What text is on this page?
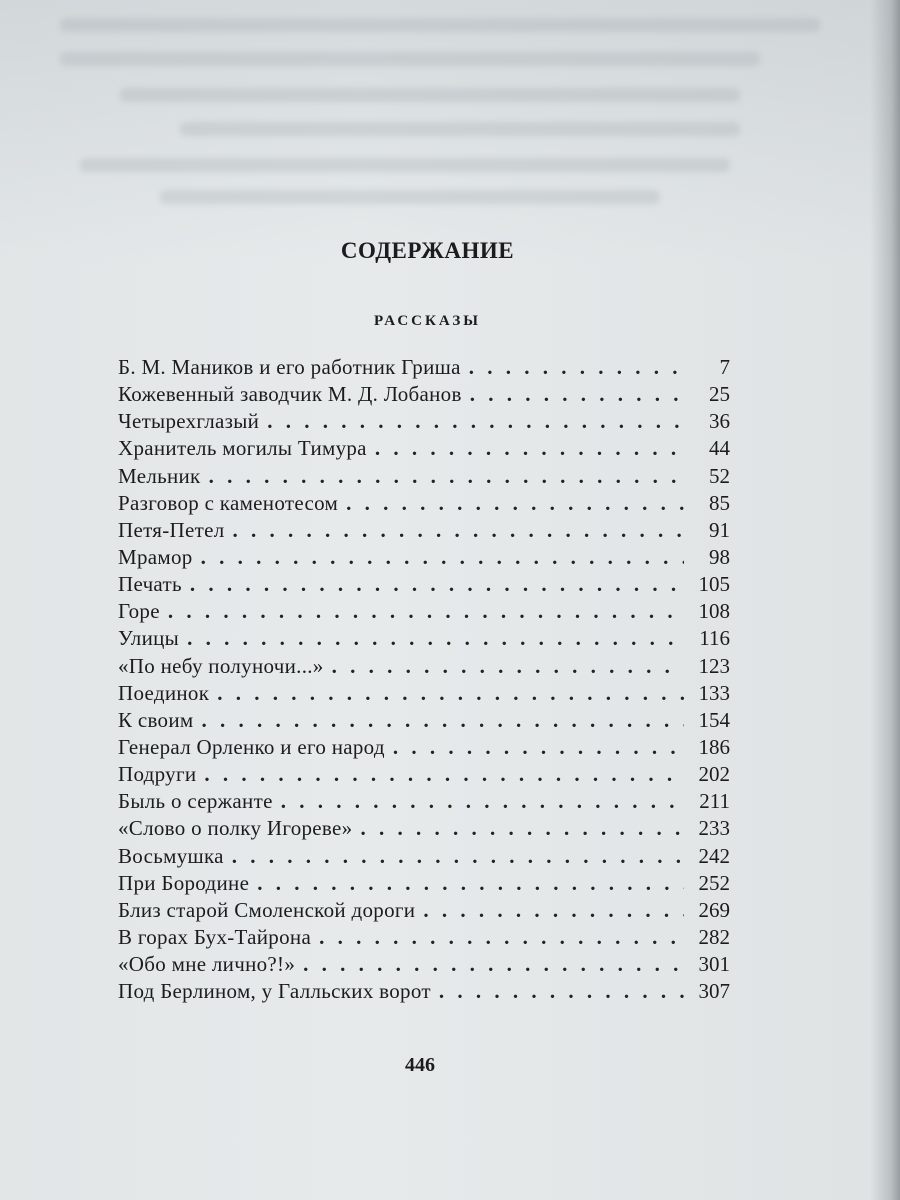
СОДЕРЖАНИЕ
РАССКАЗЫ
Б. М. Маников и его работник Гриша . . .	7
Кожевенный заводчик М. Д. Лобанов . . .	25
Четырехглазый . . .	36
Хранитель могилы Тимура . . .	44
Мельник . . .	52
Разговор с каменотесом . . .	85
Петя-Петел . . .	91
Мрамор . . .	98
Печать . . .	105
Горе . . .	108
Улицы . . .	116
«По небу полуночи...» . . .	123
Поединок . . .	133
К своим . . .	154
Генерал Орленко и его народ . . .	186
Подруги . . .	202
Быль о сержанте . . .	211
«Слово о полку Игореве» . . .	233
Восьмушка . . .	242
При Бородине . . .	252
Близ старой Смоленской дороги . . .	269
В горах Бух-Тайрона . . .	282
«Обо мне лично?!» . . .	301
Под Берлином, у Галльских ворот . . .	307
446
